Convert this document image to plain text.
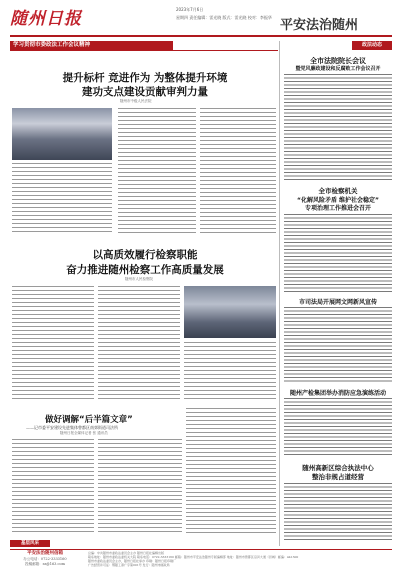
随州日报	2023年7月6日
星期四 责任编辑：雷光晓 版式：雷光晓 校对：李振华
平安法治随州
学习贯彻市委政法工作会议精神
提升标杆 竞进作为 为整体提升环境
建功支点建设贡献审判力量
随州市中级人民法院
以高质效履行检察职能
奋力推进随州检察工作高质量发展
随州市人民检察院
做好调解“后半篇文章”
——记市委平安建设先进集体曾都区南郊街道司法所
随州日报全媒体记者 张 通讯员
基层风采
政法动态
全市法院院长会议
暨党风廉政建设和反腐败工作会议召开
全市检察机关
“化解风险矛盾 维护社会稳定”
专项治理工作推进会召开
市司法局开展网文网新风宣传
随州产检集团举办消防应急演练活动
随州高新区综合执法中心
整治非规占道经营
平安法治随州信箱
办公电话：0722-3333160
投稿邮箱：sz@163.com
总编：中共随州市委政法委员会主办 随州日报社编辑出版
联系地址：随州市委政法委机关大院 联系电话：0722-3333160 邮箱：随州市平安法治随州专版编辑部 地址：随州市曾都区沿河大道（县城）邮编：441300
随州市委政法委员会主办，随州日报社承办 印刷：随州日报印刷厂
广告经营许可证：鄂随工商广字第001号 发行：随州市邮政局
